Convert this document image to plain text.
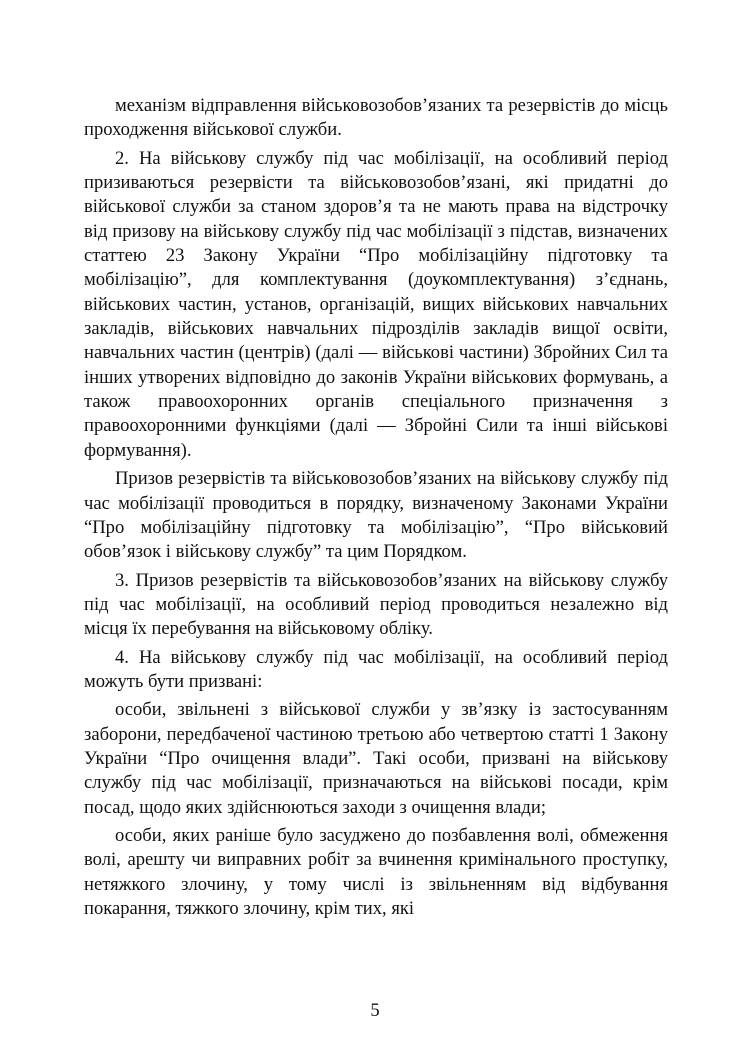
механізм відправлення військовозобов’язаних та резервістів до місць проходження військової служби.

2. На військову службу під час мобілізації, на особливий період призиваються резервісти та військовозобов’язані, які придатні до військової служби за станом здоров’я та не мають права на відстрочку від призову на військову службу під час мобілізації з підстав, визначених статтею 23 Закону України “Про мобілізаційну підготовку та мобілізацію”, для комплектування (доукомплектування) з’єднань, військових частин, установ, організацій, вищих військових навчальних закладів, військових навчальних підрозділів закладів вищої освіти, навчальних частин (центрів) (далі — військові частини) Збройних Сил та інших утворених відповідно до законів України військових формувань, а також правоохоронних органів спеціального призначення з правоохоронними функціями (далі — Збройні Сили та інші військові формування).

Призов резервістів та військовозобов’язаних на військову службу під час мобілізації проводиться в порядку, визначеному Законами України “Про мобілізаційну підготовку та мобілізацію”, “Про військовий обов’язок і військову службу” та цим Порядком.

3. Призов резервістів та військовозобов’язаних на військову службу під час мобілізації, на особливий період проводиться незалежно від місця їх перебування на військовому обліку.

4. На військову службу під час мобілізації, на особливий період можуть бути призвані:

особи, звільнені з військової служби у зв’язку із застосуванням заборони, передбаченої частиною третьою або четвертою статті 1 Закону України “Про очищення влади”. Такі особи, призвані на військову службу під час мобілізації, призначаються на військові посади, крім посад, щодо яких здійснюються заходи з очищення влади;

особи, яких раніше було засуджено до позбавлення волі, обмеження волі, арешту чи виправних робіт за вчинення кримінального проступку, нетяжкого злочину, у тому числі із звільненням від відбування покарання, тяжкого злочину, крім тих, які

5
